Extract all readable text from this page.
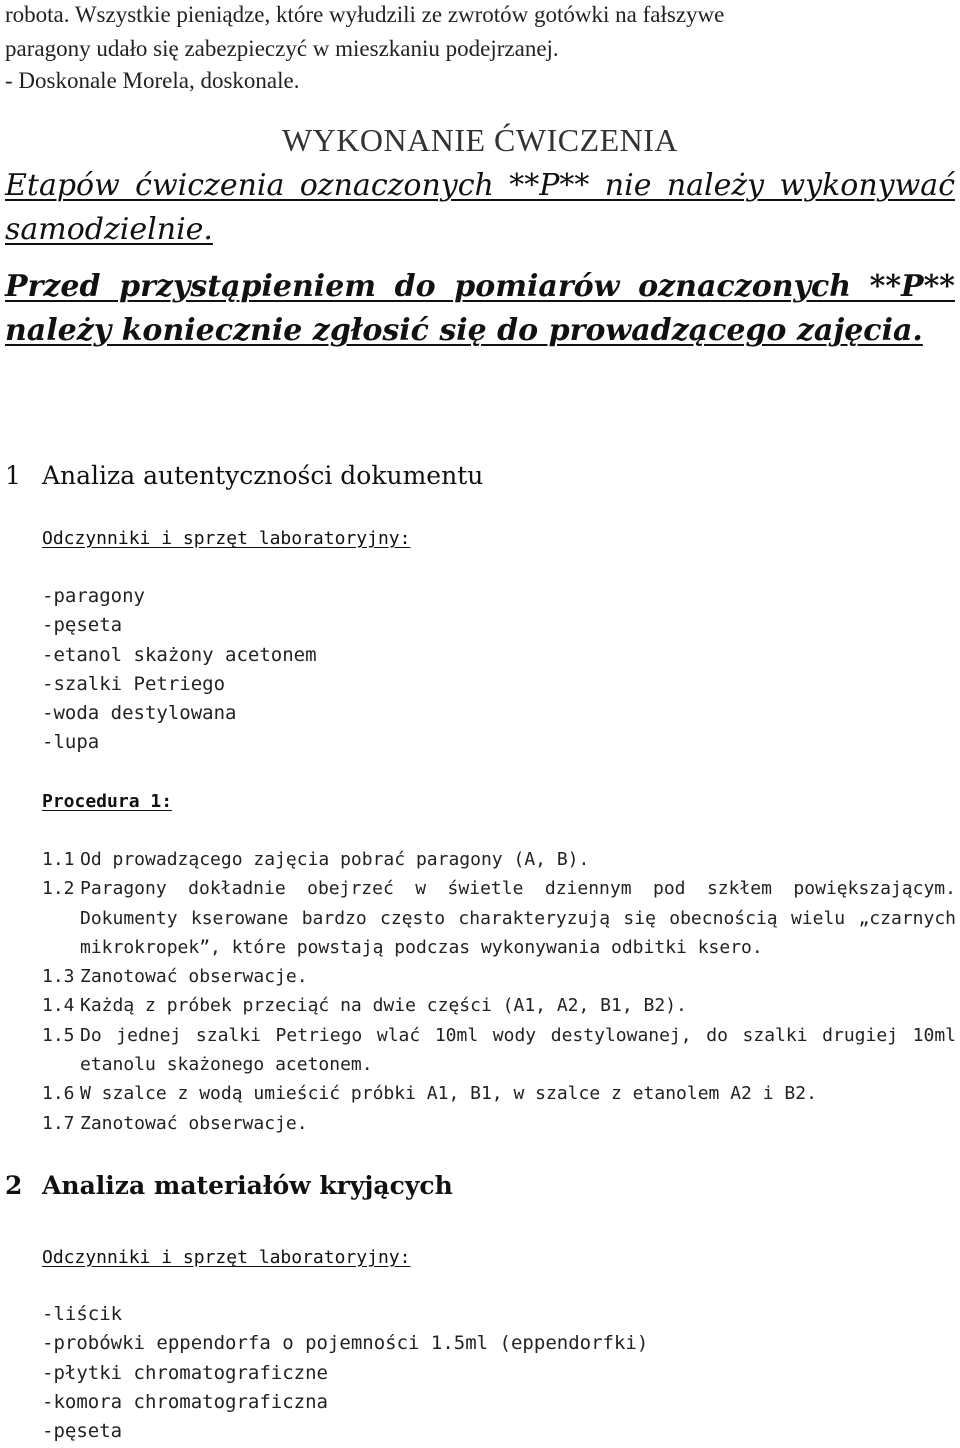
robota. Wszystkie pieniądze, które wyłudzili ze zwrotów gotówki na fałszywe
paragony udało się zabezpieczyć w mieszkaniu podejrzanej.
- Doskonale Morela, doskonale.
WYKONANIE ĆWICZENIA
Etapów ćwiczenia oznaczonych **P** nie należy wykonywać samodzielnie.
Przed przystąpieniem do pomiarów oznaczonych **P** należy koniecznie zgłosić się do prowadzącego zajęcia.
1 Analiza autentyczności dokumentu
Odczynniki i sprzęt laboratoryjny:
-paragony
-pęseta
-etanol skażony acetonem
-szalki Petriego
-woda destylowana
-lupa
Procedura 1:
1.1 Od prowadzącego zajęcia pobrać paragony (A, B).
1.2 Paragony dokładnie obejrzeć w świetle dziennym pod szkłem powiększającym. Dokumenty kserowane bardzo często charakteryzują się obecnością wielu „czarnych mikrokropek”, które powstają podczas wykonywania odbitki ksero.
1.3 Zanotować obserwacje.
1.4 Każdą z próbek przeciąć na dwie części (A1, A2, B1, B2).
1.5 Do jednej szalki Petriego wlać 10ml wody destylowanej, do szalki drugiej 10ml etanolu skażonego acetonem.
1.6 W szalce z wodą umieścić próbki A1, B1, w szalce z etanolem A2 i B2.
1.7 Zanotować obserwacje.
2 Analiza materiałów kryjących
Odczynniki i sprzęt laboratoryjny:
-liścik
-probówki eppendorfa o pojemności 1.5ml (eppendorfki)
-płytki chromatograficzne
-komora chromatograficzna
-pęseta
